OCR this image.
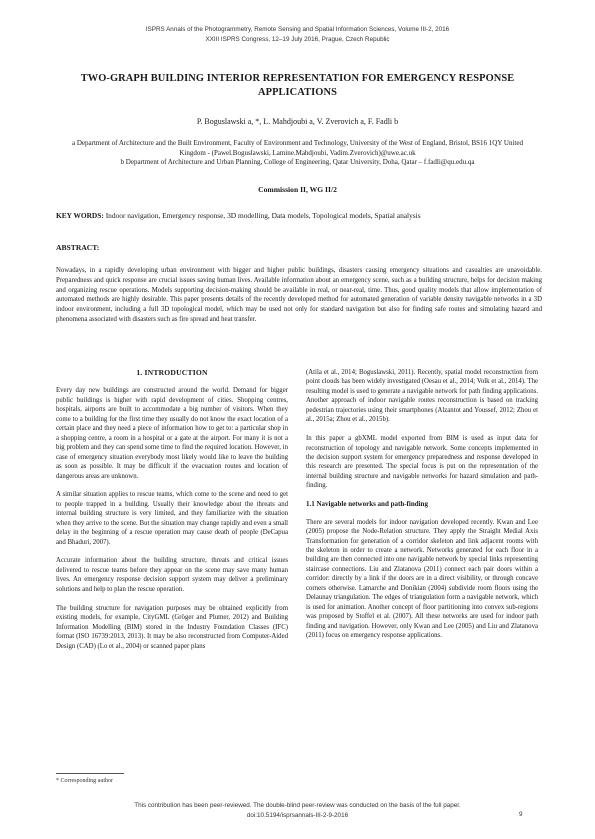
ISPRS Annals of the Photogrammetry, Remote Sensing and Spatial Information Sciences, Volume III-2, 2016
XXIII ISPRS Congress, 12–19 July 2016, Prague, Czech Republic
TWO-GRAPH BUILDING INTERIOR REPRESENTATION FOR EMERGENCY RESPONSE APPLICATIONS
P. Boguslawski a, *, L. Mahdjoubi a, V. Zverovich a, F. Fadli b
a Department of Architecture and the Built Environment, Faculty of Environment and Technology, University of the West of England, Bristol, BS16 1QY United Kingdom - (Pawel.Boguslawski, Lamine.Mahdjoubi, Vadim.Zverovich)@uwe.ac.uk
b Department of Architecture and Urban Planning, College of Engineering, Qatar University, Doha, Qatar – f.fadli@qu.edu.qa
Commission II, WG II/2
KEY WORDS: Indoor navigation, Emergency response, 3D modelling, Data models, Topological models, Spatial analysis
ABSTRACT:
Nowadays, in a rapidly developing urban environment with bigger and higher public buildings, disasters causing emergency situations and casualties are unavoidable. Preparedness and quick response are crucial issues saving human lives. Available information about an emergency scene, such as a building structure, helps for decision making and organizing rescue operations. Models supporting decision-making should be available in real, or near-real, time. Thus, good quality models that allow implementation of automated methods are highly desirable. This paper presents details of the recently developed method for automated generation of variable density navigable networks in a 3D indoor environment, including a full 3D topological model, which may be used not only for standard navigation but also for finding safe routes and simulating hazard and phenomena associated with disasters such as fire spread and heat transfer.
1. INTRODUCTION

Every day new buildings are constructed around the world. Demand for bigger public buildings is higher with rapid development of cities. Shopping centres, hospitals, airports are built to accommodate a big number of visitors. When they come to a building for the first time they usually do not know the exact location of a certain place and they need a piece of information how to get to: a particular shop in a shopping centre, a room in a hospital or a gate at the airport. For many it is not a big problem and they can spend some time to find the required location. However, in case of emergency situation everybody most likely would like to leave the building as soon as possible. It may be difficult if the evacuation routes and location of dangerous areas are unknown.

A similar situation applies to rescue teams, which come to the scene and need to get to people trapped in a building. Usually their knowledge about the threats and internal building structure is very limited, and they familiarize with the situation when they arrive to the scene. But the situation may change rapidly and even a small delay in the beginning of a rescue operation may cause death of people (DeCapua and Bhaduri, 2007).

Accurate information about the building structure, threats and critical issues delivered to rescue teams before they appear on the scene may save many human lives. An emergency response decision support system may deliver a preliminary solutions and help to plan the rescue operation.

The building structure for navigation purposes may be obtained explicitly from existing models, for example, CityGML (Gröger and Plumer, 2012) and Building Information Modelling (BIM) stored in the Industry Foundation Classes (IFC) format (ISO 16739:2013, 2013). It may be also reconstructed from Computer-Aided Design (CAD) (Lo et al., 2004) or scanned paper plans

(Atila et al., 2014; Boguslawski, 2011). Recently, spatial model reconstruction from point clouds has been widely investigated (Oesau et al., 2014; Volk et al., 2014). The resulting model is used to generate a navigable network for path finding applications. Another approach of indoor navigable routes reconstruction is based on tracking pedestrian trajectories using their smartphones (Alzantot and Youssef, 2012; Zhou et al., 2015a; Zhou et al., 2015b).

In this paper a gbXML model exported from BIM is used as input data for reconstruction of topology and navigable network. Some concepts implemented in the decision support system for emergency preparedness and response developed in this research are presented. The special focus is put on the representation of the internal building structure and navigable networks for hazard simulation and path-finding.

1.1 Navigable networks and path-finding

There are several models for indoor navigation developed recently. Kwan and Lee (2005) propose the Node-Relation structure. They apply the Straight Medial Axis Transformation for generation of a corridor skeleton and link adjacent rooms with the skeleton in order to create a network. Networks generated for each floor in a building are then connected into one navigable network by special links representing staircase connections. Liu and Zlatanova (2011) connect each pair doors within a corridor: directly by a link if the doors are in a direct visibility, or through concave corners otherwise. Lamarche and Donikian (2004) subdivide room floors using the Delaunay triangulation. The edges of triangulation form a navigable network, which is used for animation. Another concept of floor partitioning into convex sub-regions was proposed by Stoffel et al. (2007). All these networks are used for indoor path finding and navigation. However, only Kwan and Lee (2005) and Liu and Zlatanova (2011) focus on emergency response applications.

* Corresponding author
This contribution has been peer-reviewed. The double-blind peer-review was conducted on the basis of the full paper.
doi:10.5194/isprsannals-III-2-9-2016	9
